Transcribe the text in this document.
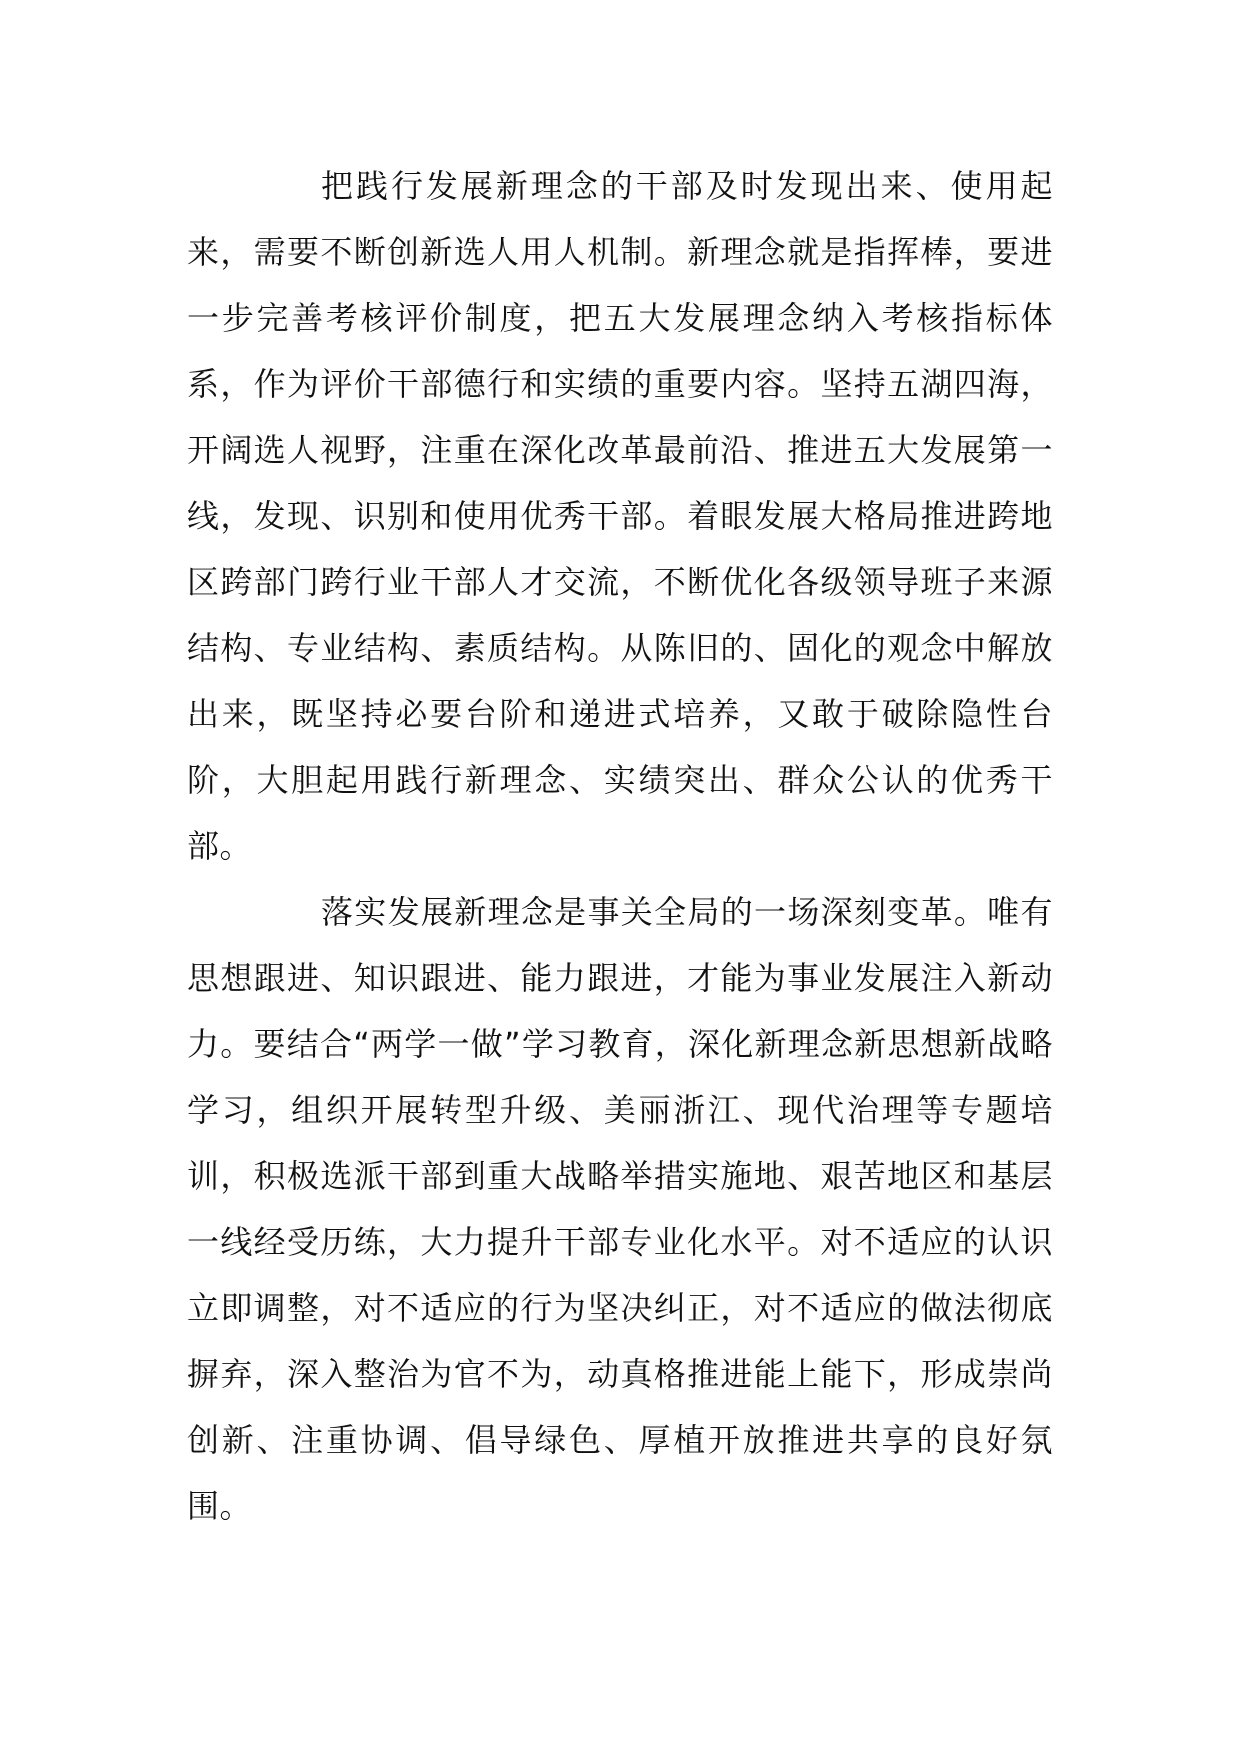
把践行发展新理念的干部及时发现出来、使用起来，需要不断创新选人用人机制。新理念就是指挥棒，要进一步完善考核评价制度，把五大发展理念纳入考核指标体系，作为评价干部德行和实绩的重要内容。坚持五湖四海，开阔选人视野，注重在深化改革最前沿、推进五大发展第一线，发现、识别和使用优秀干部。着眼发展大格局推进跨地区跨部门跨行业干部人才交流，不断优化各级领导班子来源结构、专业结构、素质结构。从陈旧的、固化的观念中解放出来，既坚持必要台阶和递进式培养，又敢于破除隐性台阶，大胆起用践行新理念、实绩突出、群众公认的优秀干部。

落实发展新理念是事关全局的一场深刻变革。唯有思想跟进、知识跟进、能力跟进，才能为事业发展注入新动力。要结合“两学一做”学习教育，深化新理念新思想新战略学习，组织开展转型升级、美丽浙江、现代治理等专题培训，积极选派干部到重大战略举措实施地、艰苦地区和基层一线经受历练，大力提升干部专业化水平。对不适应的认识立即调整，对不适应的行为坚决纠正，对不适应的做法彻底摒弃，深入整治为官不为，动真格推进能上能下，形成崇尚创新、注重协调、倡导绿色、厚植开放推进共享的良好氛围。
